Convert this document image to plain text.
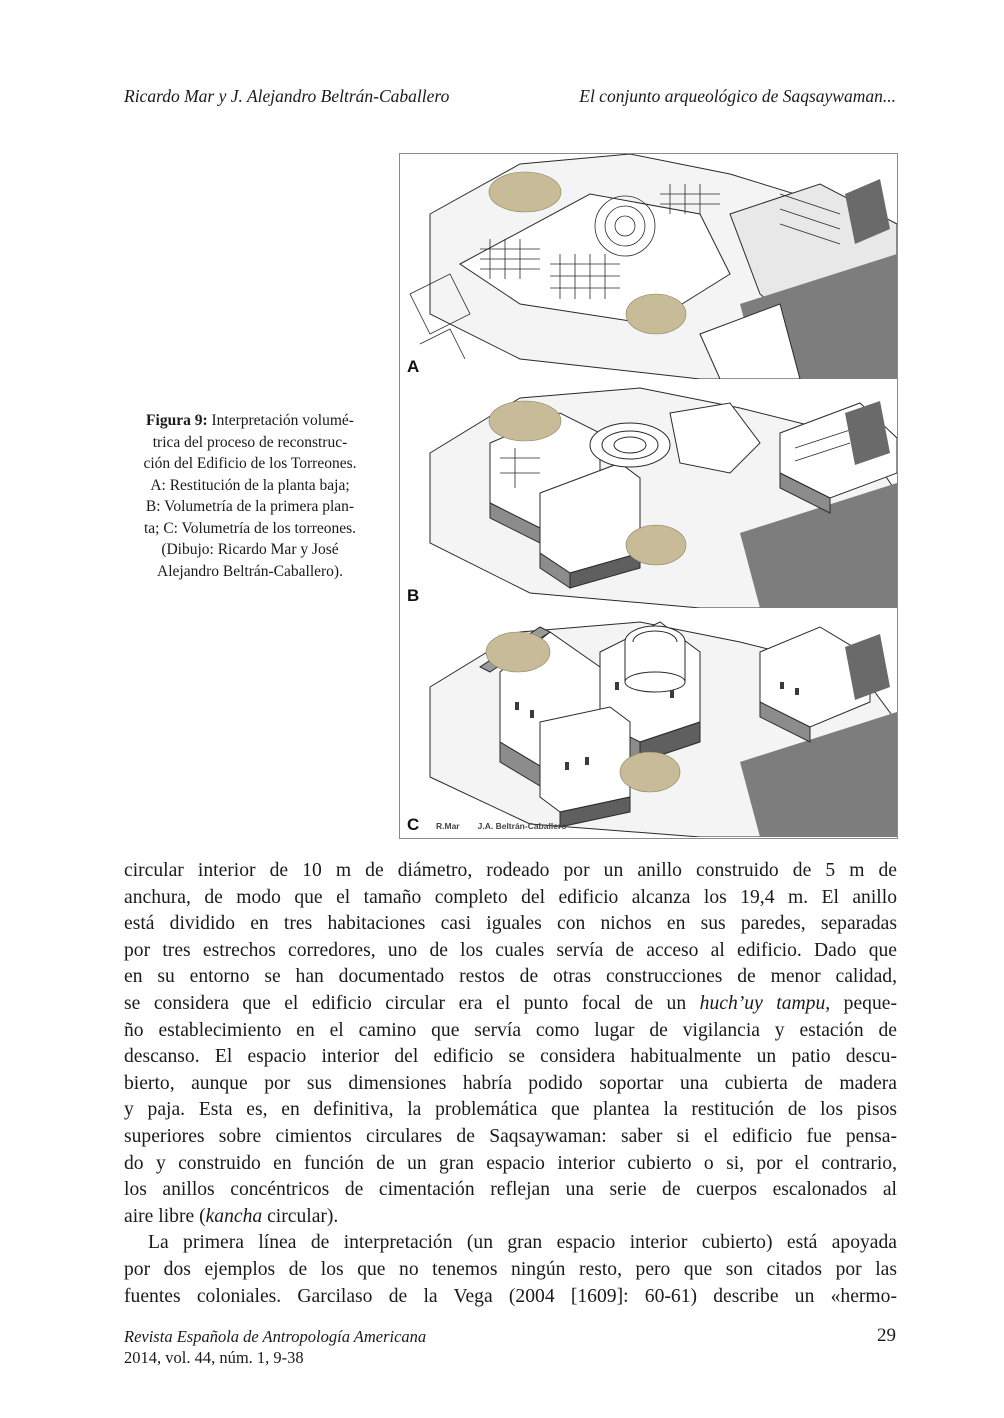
Ricardo Mar y J. Alejandro Beltrán-Caballero	El conjunto arqueológico de Saqsaywaman...
Figura 9: Interpretación volumé-
trica del proceso de reconstruc-
ción del Edificio de los Torreones.
A: Restitución de la planta baja;
B: Volumetría de la primera plan-
ta; C: Volumetría de los torreones.
(Dibujo: Ricardo Mar y José
Alejandro Beltrán-Caballero).
A
B
C R.Mar J.A. Beltrán-Caballero
circular interior de 10 m de diámetro, rodeado por un anillo construido de 5 m de
anchura, de modo que el tamaño completo del edificio alcanza los 19,4 m. El anillo
está dividido en tres habitaciones casi iguales con nichos en sus paredes, separadas
por tres estrechos corredores, uno de los cuales servía de acceso al edificio. Dado que
en su entorno se han documentado restos de otras construcciones de menor calidad,
se considera que el edificio circular era el punto focal de un huch’uy tampu, peque-
ño establecimiento en el camino que servía como lugar de vigilancia y estación de
descanso. El espacio interior del edificio se considera habitualmente un patio descu-
bierto, aunque por sus dimensiones habría podido soportar una cubierta de madera
y paja. Esta es, en definitiva, la problemática que plantea la restitución de los pisos
superiores sobre cimientos circulares de Saqsaywaman: saber si el edificio fue pensa-
do y construido en función de un gran espacio interior cubierto o si, por el contrario,
los anillos concéntricos de cimentación reflejan una serie de cuerpos escalonados al
aire libre (kancha circular).
La primera línea de interpretación (un gran espacio interior cubierto) está apoyada
por dos ejemplos de los que no tenemos ningún resto, pero que son citados por las
fuentes coloniales. Garcilaso de la Vega (2004 [1609]: 60-61) describe un «hermo-
Revista Española de Antropología Americana
2014, vol. 44, núm. 1, 9-38
29
